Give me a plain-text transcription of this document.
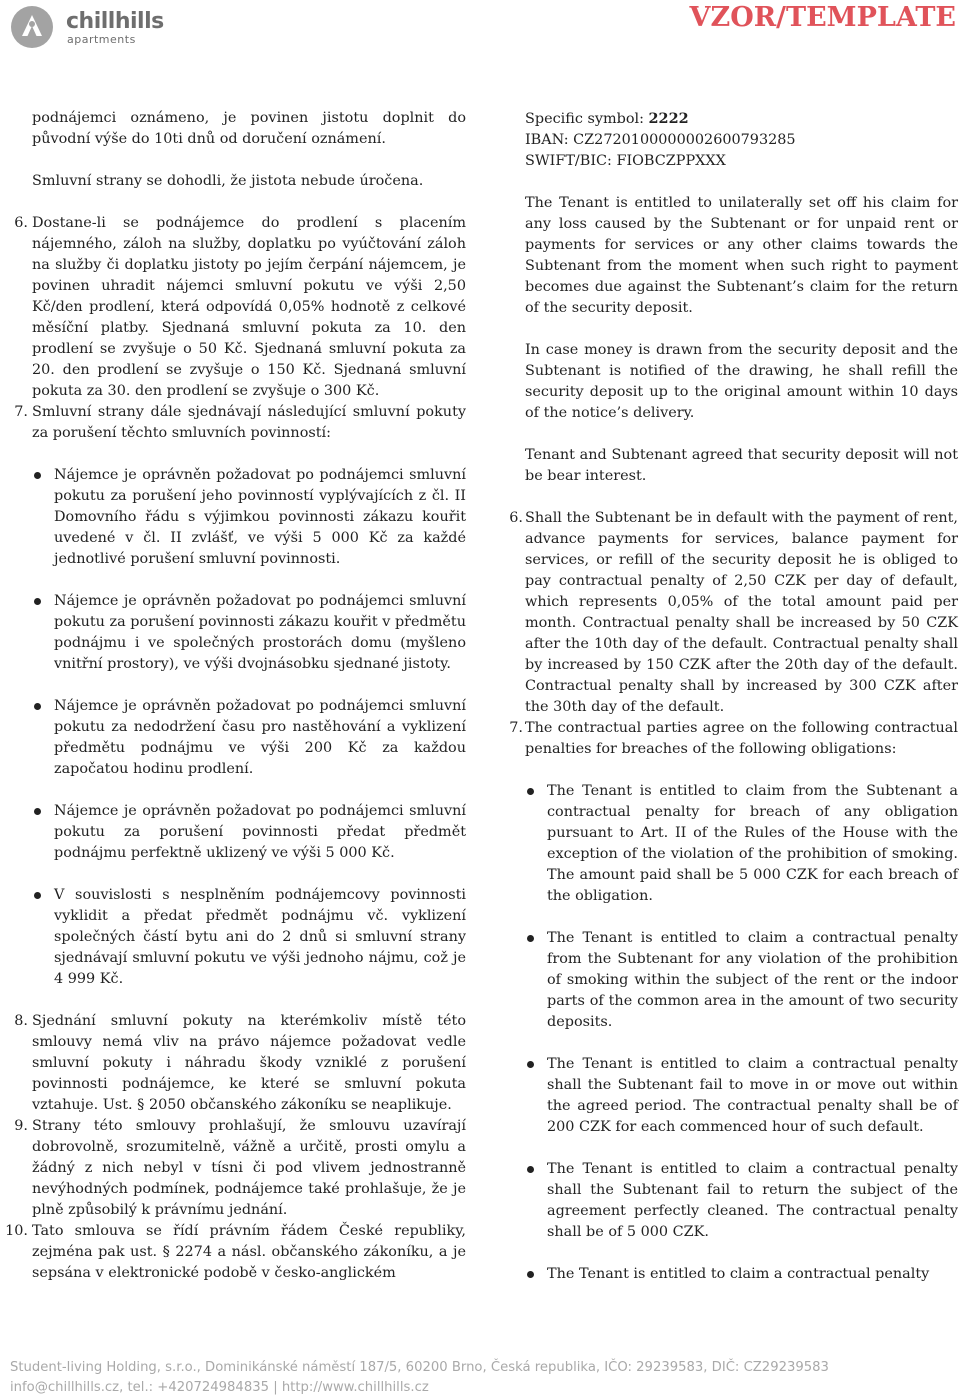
chillhills
apartments
VZOR/TEMPLATE

podnájemci oznámeno, je povinen jistotu doplnit do původní výše do 10ti dnů od doručení oznámení.

Smluvní strany se dohodli, že jistota nebude úročena.

6. Dostane-li se podnájemce do prodlení s placením nájemného, záloh na služby, doplatku po vyúčtování záloh na služby či doplatku jistoty po jejím čerpání nájemcem, je povinen uhradit nájemci smluvní pokutu ve výši 2,50 Kč/den prodlení, která odpovídá 0,05% hodnotě z celkové měsíční platby. Sjednaná smluvní pokuta za 10. den prodlení se zvyšuje o 50 Kč. Sjednaná smluvní pokuta za 20. den prodlení se zvyšuje o 150 Kč. Sjednaná smluvní pokuta za 30. den prodlení se zvyšuje o 300 Kč.

7. Smluvní strany dále sjednávají následující smluvní pokuty za porušení těchto smluvních povinností:

Nájemce je oprávněn požadovat po podnájemci smluvní pokutu za porušení jeho povinností vyplývajících z čl. II Domovního řádu s výjimkou povinnosti zákazu kouřit uvedené v čl. II zvlášť, ve výši 5 000 Kč za každé jednotlivé porušení smluvní povinnosti.

Nájemce je oprávněn požadovat po podnájemci smluvní pokutu za porušení povinnosti zákazu kouřit v předmětu podnájmu i ve společných prostorách domu (myšleno vnitřní prostory), ve výši dvojnásobku sjednané jistoty.

Nájemce je oprávněn požadovat po podnájemci smluvní pokutu za nedodržení času pro nastěhování a vyklizení předmětu podnájmu ve výši 200 Kč za každou započatou hodinu prodlení.

Nájemce je oprávněn požadovat po podnájemci smluvní pokutu za porušení povinnosti předat předmět podnájmu perfektně uklizený ve výši 5 000 Kč.

V souvislosti s nesplněním podnájemcovy povinnosti vyklidit a předat předmět podnájmu vč. vyklizení společných částí bytu ani do 2 dnů si smluvní strany sjednávají smluvní pokutu ve výši jednoho nájmu, což je 4 999 Kč.

8. Sjednání smluvní pokuty na kterémkoliv místě této smlouvy nemá vliv na právo nájemce požadovat vedle smluvní pokuty i náhradu škody vzniklé z porušení povinnosti podnájemce, ke které se smluvní pokuta vztahuje. Ust. § 2050 občanského zákoníku se neaplikuje.

9. Strany této smlouvy prohlašují, že smlouvu uzavírají dobrovolně, srozumitelně, vážně a určitě, prosti omylu a žádný z nich nebyl v tísni či pod vlivem jednostranně nevýhodných podmínek, podnájemce také prohlašuje, že je plně způsobilý k právnímu jednání.

10. Tato smlouva se řídí právním řádem České republiky, zejména pak ust. § 2274 a násl. občanského zákoníku, a je sepsána v elektronické podobě v česko-anglickém

Specific symbol: 2222

IBAN: CZ2720100000002600793285

SWIFT/BIC: FIOBCZPPXXX

The Tenant is entitled to unilaterally set off his claim for any loss caused by the Subtenant or for unpaid rent or payments for services or any other claims towards the Subtenant from the moment when such right to payment becomes due against the Subtenant’s claim for the return of the security deposit.

In case money is drawn from the security deposit and the Subtenant is notified of the drawing, he shall refill the security deposit up to the original amount within 10 days of the notice’s delivery.

Tenant and Subtenant agreed that security deposit will not be bear interest.

6. Shall the Subtenant be in default with the payment of rent, advance payments for services, balance payment for services, or refill of the security deposit he is obliged to pay contractual penalty of 2,50 CZK per day of default, which represents 0,05% of the total amount paid per month. Contractual penalty shall be increased by 50 CZK after the 10th day of the default. Contractual penalty shall by increased by 150 CZK after the 20th day of the default. Contractual penalty shall by increased by 300 CZK after the 30th day of the default.

7. The contractual parties agree on the following contractual penalties for breaches of the following obligations:

The Tenant is entitled to claim from the Subtenant a contractual penalty for breach of any obligation pursuant to Art. II of the Rules of the House with the exception of the violation of the prohibition of smoking. The amount paid shall be 5 000 CZK for each breach of the obligation.

The Tenant is entitled to claim a contractual penalty from the Subtenant for any violation of the prohibition of smoking within the subject of the rent or the indoor parts of the common area in the amount of two security deposits.

The Tenant is entitled to claim a contractual penalty shall the Subtenant fail to move in or move out within the agreed period. The contractual penalty shall be of 200 CZK for each commenced hour of such default.

The Tenant is entitled to claim a contractual penalty shall the Subtenant fail to return the subject of the agreement perfectly cleaned. The contractual penalty shall be of 5 000 CZK.

The Tenant is entitled to claim a contractual penalty

Student-living Holding, s.r.o., Dominikánské náměstí 187/5, 60200 Brno, Česká republika, IČO: 29239583, DIČ: CZ29239583
info@chillhills.cz, tel.: +420724984835 | http://www.chillhills.cz
